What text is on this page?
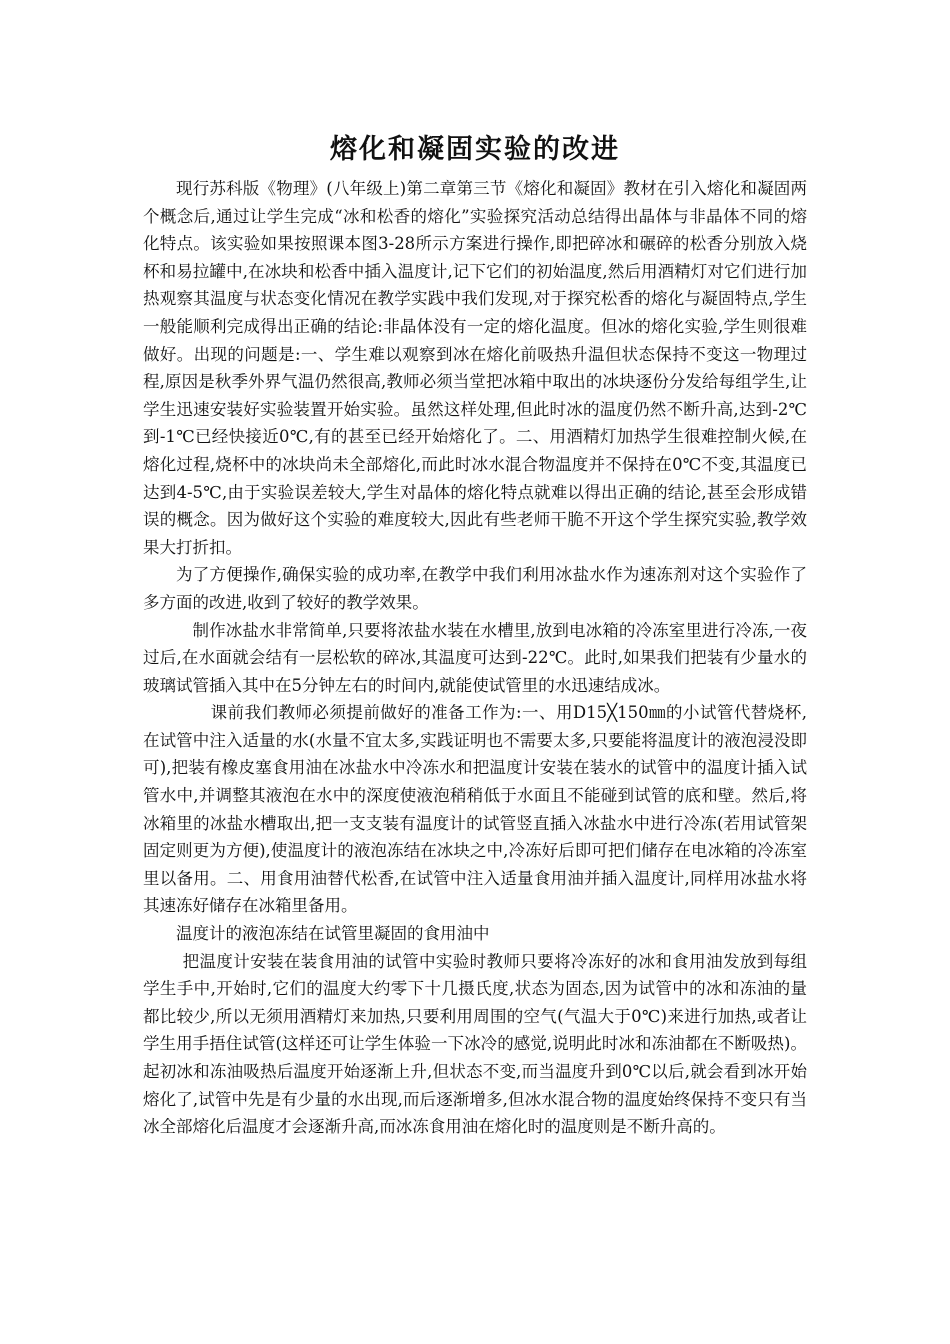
熔化和凝固实验的改进

现行苏科版《物理》(八年级上)第二章第三节《熔化和凝固》教材在引入熔化和凝固两个概念后,通过让学生完成“冰和松香的熔化”实验探究活动总结得出晶体与非晶体不同的熔化特点。该实验如果按照课本图3-28所示方案进行操作,即把碎冰和碾碎的松香分别放入烧杯和易拉罐中,在冰块和松香中插入温度计,记下它们的初始温度,然后用酒精灯对它们进行加热观察其温度与状态变化情况在教学实践中我们发现,对于探究松香的熔化与凝固特点,学生一般能顺利完成得出正确的结论:非晶体没有一定的熔化温度。但冰的熔化实验,学生则很难做好。出现的问题是:一、学生难以观察到冰在熔化前吸热升温但状态保持不变这一物理过程,原因是秋季外界气温仍然很高,教师必须当堂把冰箱中取出的冰块逐份分发给每组学生,让学生迅速安装好实验装置开始实验。虽然这样处理,但此时冰的温度仍然不断升高,达到-2℃到-1℃已经快接近0℃,有的甚至已经开始熔化了。二、用酒精灯加热学生很难控制火候,在熔化过程,烧杯中的冰块尚未全部熔化,而此时冰水混合物温度并不保持在0℃不变,其温度已达到4-5℃,由于实验误差较大,学生对晶体的熔化特点就难以得出正确的结论,甚至会形成错误的概念。因为做好这个实验的难度较大,因此有些老师干脆不开这个学生探究实验,教学效果大打折扣。

为了方便操作,确保实验的成功率,在教学中我们利用冰盐水作为速冻剂对这个实验作了多方面的改进,收到了较好的教学效果。

制作冰盐水非常简单,只要将浓盐水装在水槽里,放到电冰箱的冷冻室里进行冷冻,一夜过后,在水面就会结有一层松软的碎冰,其温度可达到-22℃。此时,如果我们把装有少量水的玻璃试管插入其中在5分钟左右的时间内,就能使试管里的水迅速结成冰。

课前我们教师必须提前做好的准备工作为:一、用D15╳150㎜的小试管代替烧杯,在试管中注入适量的水(水量不宜太多,实践证明也不需要太多,只要能将温度计的液泡浸没即可),把装有橡皮塞食用油在冰盐水中冷冻水和把温度计安装在装水的试管中的温度计插入试管水中,并调整其液泡在水中的深度使液泡稍稍低于水面且不能碰到试管的底和壁。然后,将冰箱里的冰盐水槽取出,把一支支装有温度计的试管竖直插入冰盐水中进行冷冻(若用试管架固定则更为方便),使温度计的液泡冻结在冰块之中,冷冻好后即可把们储存在电冰箱的冷冻室里以备用。二、用食用油替代松香,在试管中注入适量食用油并插入温度计,同样用冰盐水将其速冻好储存在冰箱里备用。

温度计的液泡冻结在试管里凝固的食用油中

把温度计安装在装食用油的试管中实验时教师只要将冷冻好的冰和食用油发放到每组学生手中,开始时,它们的温度大约零下十几摄氏度,状态为固态,因为试管中的冰和冻油的量都比较少,所以无须用酒精灯来加热,只要利用周围的空气(气温大于0℃)来进行加热,或者让学生用手捂住试管(这样还可让学生体验一下冰冷的感觉,说明此时冰和冻油都在不断吸热)。起初冰和冻油吸热后温度开始逐渐上升,但状态不变,而当温度升到0℃以后,就会看到冰开始熔化了,试管中先是有少量的水出现,而后逐渐增多,但冰水混合物的温度始终保持不变只有当冰全部熔化后温度才会逐渐升高,而冰冻食用油在熔化时的温度则是不断升高的。
